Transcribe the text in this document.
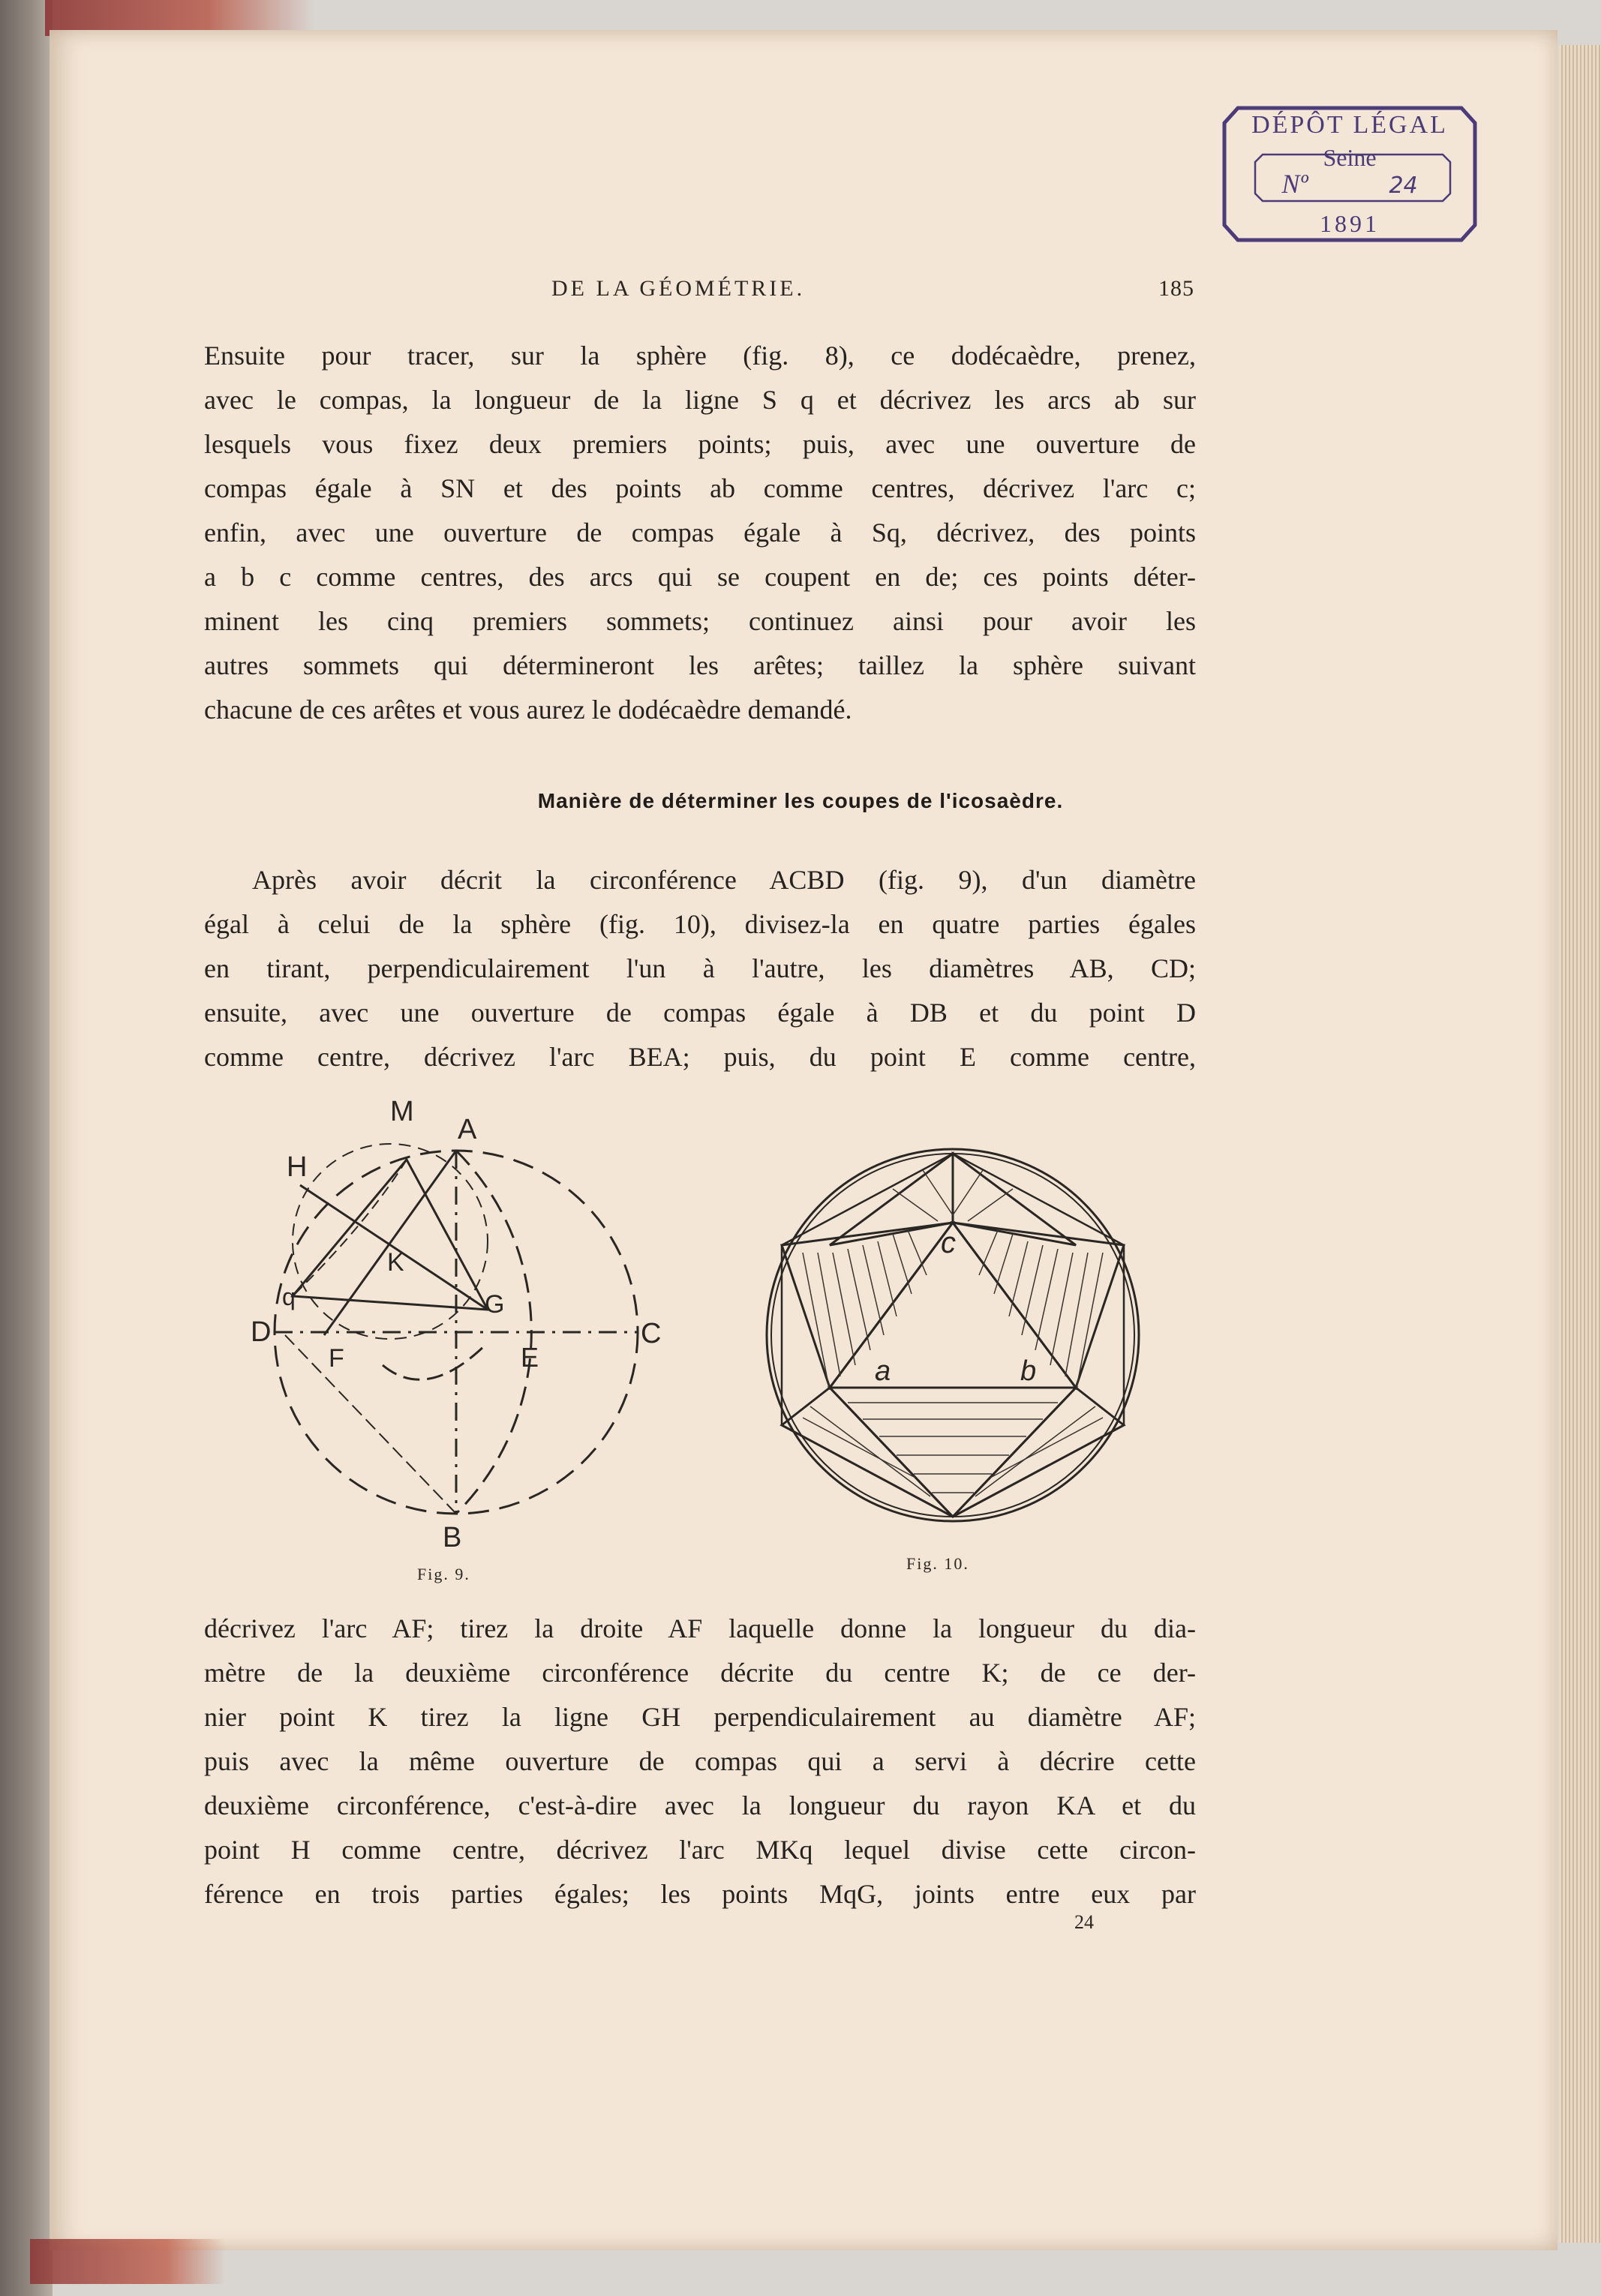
DÉPÔT LÉGAL
Seine
Nº	24
1891
DE LA GÉOMÉTRIE.	185
Ensuite pour tracer, sur la sphère (fig. 8), ce dodécaèdre, prenez,
avec le compas, la longueur de la ligne S q et décrivez les arcs ab sur
lesquels vous fixez deux premiers points; puis, avec une ouverture de
compas égale à SN et des points ab comme centres, décrivez l'arc c;
enfin, avec une ouverture de compas égale à Sq, décrivez, des points
a b c comme centres, des arcs qui se coupent en de; ces points déter-
minent les cinq premiers sommets; continuez ainsi pour avoir les
autres sommets qui détermineront les arêtes; taillez la sphère suivant
chacune de ces arêtes et vous aurez le dodécaèdre demandé.
Manière de déterminer les coupes de l'icosaèdre.
Après avoir décrit la circonférence ACBD (fig. 9), d'un diamètre
égal à celui de la sphère (fig. 10), divisez-la en quatre parties égales
en tirant, perpendiculairement l'un à l'autre, les diamètres AB, CD;
ensuite, avec une ouverture de compas égale à DB et du point D
comme centre, décrivez l'arc BEA; puis, du point E comme centre,
M
A
H
K
q	G
D
F	E
C
B
Fig. 9.
c
a	b
Fig. 10.
décrivez l'arc AF; tirez la droite AF laquelle donne la longueur du dia-
mètre de la deuxième circonférence décrite du centre K; de ce der-
nier point K tirez la ligne GH perpendiculairement au diamètre AF;
puis avec la même ouverture de compas qui a servi à décrire cette
deuxième circonférence, c'est-à-dire avec la longueur du rayon KA et du
point H comme centre, décrivez l'arc MKq lequel divise cette circon-
férence en trois parties égales; les points MqG, joints entre eux par
24
